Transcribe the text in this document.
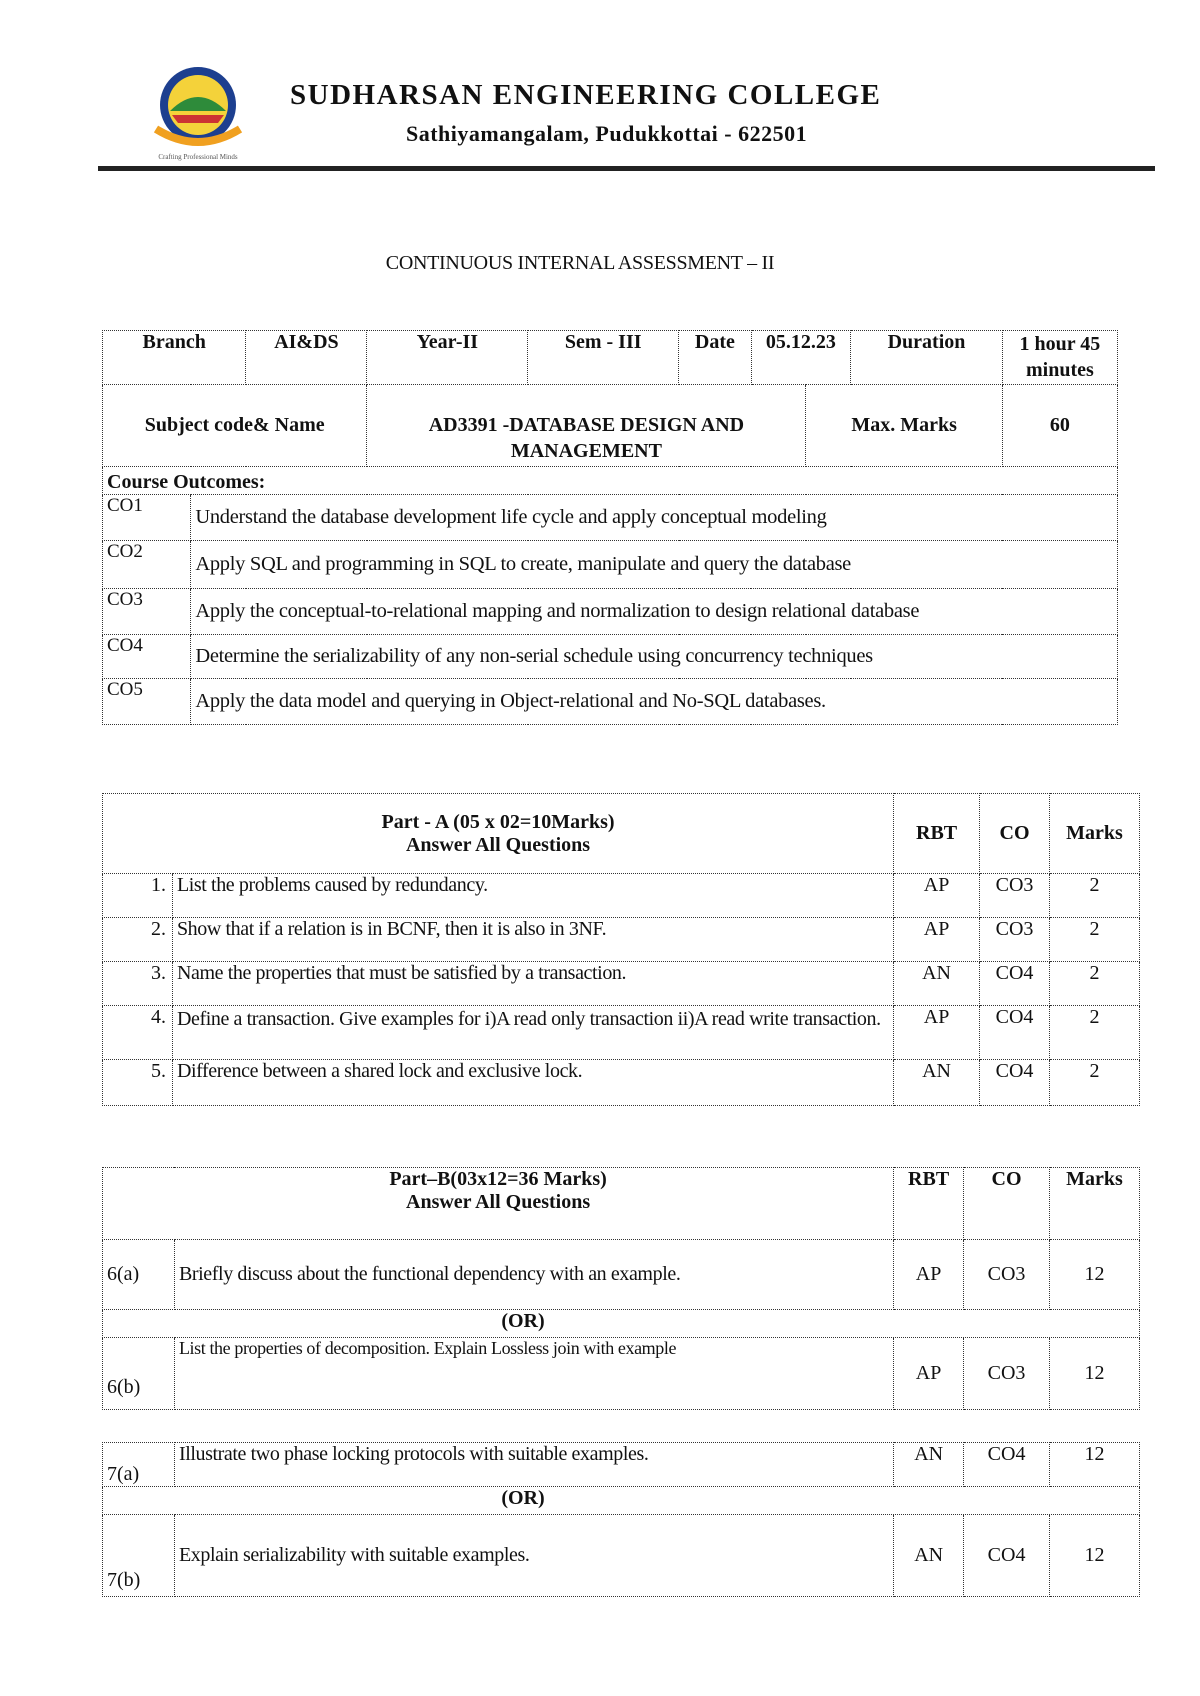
Crafting Professional Minds
SUDHARSAN ENGINEERING COLLEGE
Sathiyamangalam, Pudukkottai - 622501
CONTINUOUS INTERNAL ASSESSMENT – II
Branch		AI&DS	Year-II	Sem - III	Date	05.12.23		Duration	1 hour 45 minutes
Subject code& Name			AD3391 -DATABASE DESIGN AND MANAGEMENT				Max. Marks		60
Course Outcomes:									
CO1	Understand the database development life cycle and apply conceptual modeling								
CO2	Apply SQL and programming in SQL to create, manipulate and query the database								
CO3	Apply the conceptual-to-relational mapping and normalization to design relational database								
CO4	Determine the serializability of any non-serial schedule using concurrency techniques								
CO5	Apply the data model and querying in Object-relational and No-SQL databases.								
Part - A (05 x 02=10Marks)
Answer All Questions		RBT	CO	Marks
1.	List the problems caused by redundancy.	AP	CO3	2
2.	Show that if a relation is in BCNF, then it is also in 3NF.	AP	CO3	2
3.	Name the properties that must be satisfied by a transaction.	AN	CO4	2
4.	Define a transaction. Give examples for i)A read only transaction ii)A read write transaction.	AP	CO4	2
5.	Difference between a shared lock and exclusive lock.	AN	CO4	2
Part–B(03x12=36 Marks)
Answer All Questions		RBT	CO	Marks
6(a)	Briefly discuss about the functional dependency with an example.	AP	CO3	12
(OR)				
6(b)	List the properties of decomposition. Explain Lossless join with example	AP	CO3	12
7(a)	Illustrate two phase locking protocols with suitable examples.	AN	CO4	12
(OR)				
7(b)	Explain serializability with suitable examples.	AN	CO4	12
